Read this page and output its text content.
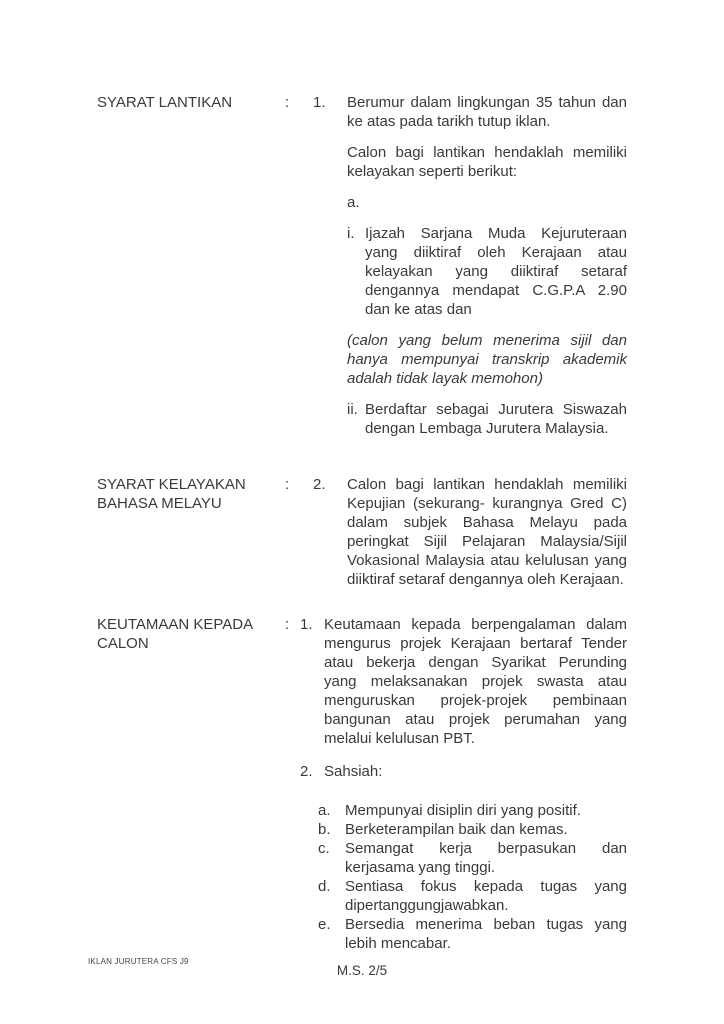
SYARAT LANTIKAN	:	1.	Berumur dalam lingkungan 35 tahun dan ke atas pada tarikh tutup iklan.

Calon bagi lantikan hendaklah memiliki kelayakan seperti berikut:

a.

i. Ijazah Sarjana Muda Kejuruteraan yang diiktiraf oleh Kerajaan atau kelayakan yang diiktiraf setaraf dengannya mendapat C.G.P.A 2.90 dan ke atas dan

(calon yang belum menerima sijil dan hanya mempunyai transkrip akademik adalah tidak layak memohon)

ii. Berdaftar sebagai Jurutera Siswazah dengan Lembaga Jurutera Malaysia.
SYARAT KELAYAKAN
BAHASA MELAYU
:	2.	Calon bagi lantikan hendaklah memiliki Kepujian (sekurang- kurangnya Gred C) dalam subjek Bahasa Melayu pada peringkat Sijil Pelajaran Malaysia/Sijil Vokasional Malaysia atau kelulusan yang diiktiraf setaraf dengannya oleh Kerajaan.

KEUTAMAAN KEPADA
CALON
: 1. Keutamaan kepada berpengalaman dalam mengurus projek Kerajaan bertaraf Tender atau bekerja dengan Syarikat Perunding yang melaksanakan projek swasta atau menguruskan projek-projek pembinaan bangunan atau projek perumahan yang melalui kelulusan PBT.
2. Sahsiah:
a. Mempunyai disiplin diri yang positif.
b. Berketerampilan baik dan kemas.
c.	Semangat kerja berpasukan dan kerjasama yang tinggi.
d. Sentiasa fokus kepada tugas yang dipertanggungjawabkan.
e. Bersedia menerima beban tugas yang lebih mencabar.
IKLAN JURUTERA CFS J9
M.S. 2/5
